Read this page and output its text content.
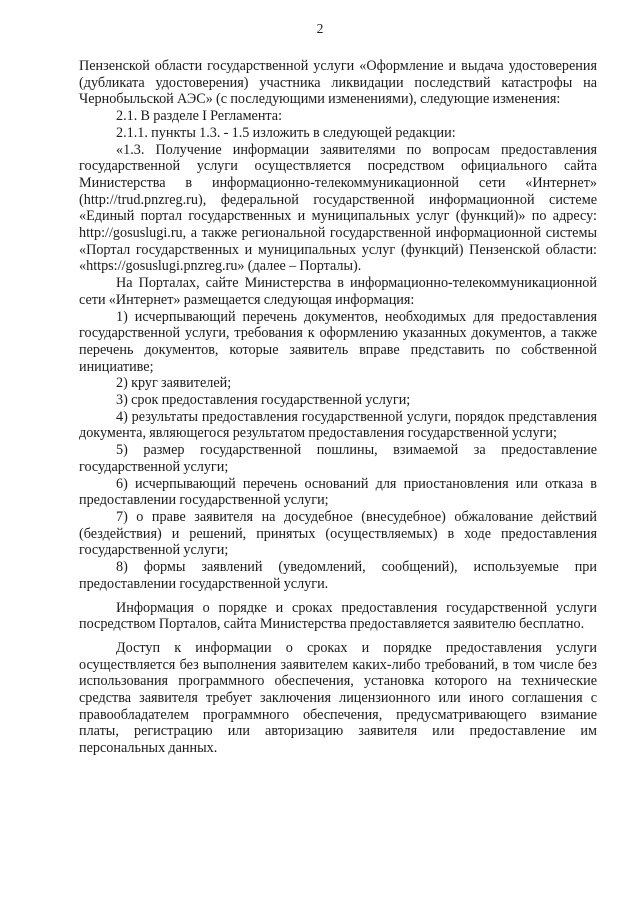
2

Пензенской области государственной услуги «Оформление и выдача удостоверения (дубликата удостоверения) участника ликвидации последствий катастрофы на Чернобыльской АЭС» (с последующими изменениями), следующие изменения:

2.1. В разделе I Регламента:

2.1.1. пункты 1.3. - 1.5 изложить в следующей редакции:

«1.3. Получение информации заявителями по вопросам предоставления государственной услуги осуществляется посредством официального сайта Министерства в информационно-телекоммуникационной сети «Интернет» (http://trud.pnzreg.ru), федеральной государственной информационной системе «Единый портал государственных и муниципальных услуг (функций)» по адресу: http://gosuslugi.ru, а также региональной государственной информационной системы «Портал государственных и муниципальных услуг (функций) Пензенской области: «https://gosuslugi.pnzreg.ru» (далее – Порталы).

На Порталах, сайте Министерства в информационно-телекоммуникационной сети «Интернет» размещается следующая информация:

1) исчерпывающий перечень документов, необходимых для предоставления государственной услуги, требования к оформлению указанных документов, а также перечень документов, которые заявитель вправе представить по собственной инициативе;

2) круг заявителей;

3) срок предоставления государственной услуги;

4) результаты предоставления государственной услуги, порядок представления документа, являющегося результатом предоставления государственной услуги;

5) размер государственной пошлины, взимаемой за предоставление государственной услуги;

6) исчерпывающий перечень оснований для приостановления или отказа в предоставлении государственной услуги;

7) о праве заявителя на досудебное (внесудебное) обжалование действий (бездействия) и решений, принятых (осуществляемых) в ходе предоставления государственной услуги;

8) формы заявлений (уведомлений, сообщений), используемые при предоставлении государственной услуги.

Информация о порядке и сроках предоставления государственной услуги посредством Порталов, сайта Министерства предоставляется заявителю бесплатно.

Доступ к информации о сроках и порядке предоставления услуги осуществляется без выполнения заявителем каких-либо требований, в том числе без использования программного обеспечения, установка которого на технические средства заявителя требует заключения лицензионного или иного соглашения с правообладателем программного обеспечения, предусматривающего взимание платы, регистрацию или авторизацию заявителя или предоставление им персональных данных.
